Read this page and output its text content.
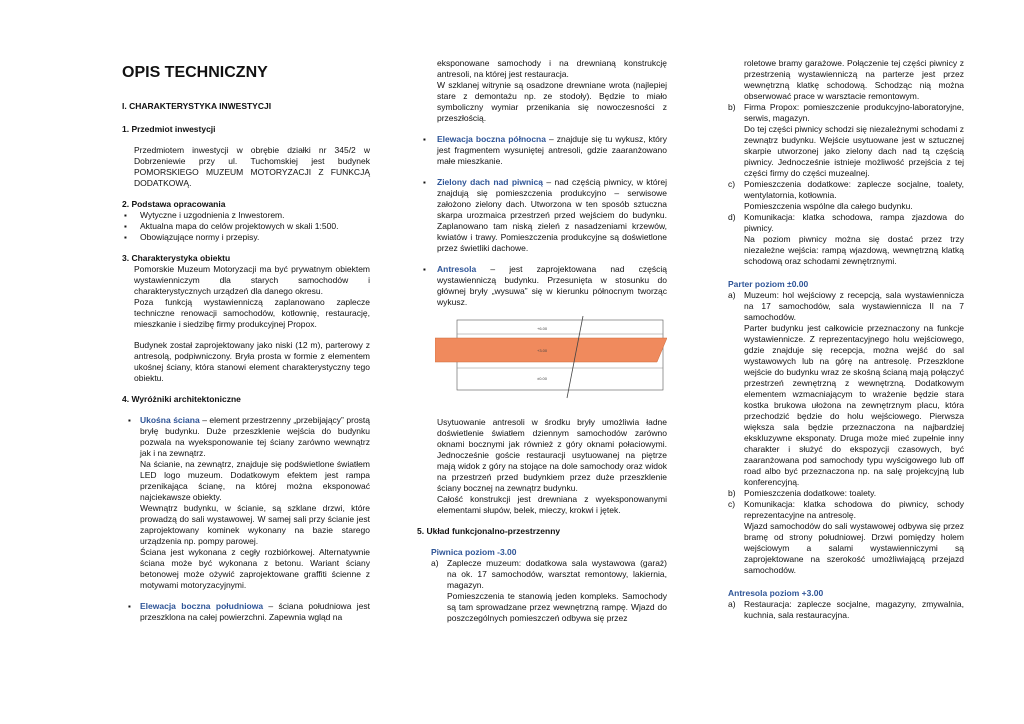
OPIS TECHNICZNY
I. CHARAKTERYSTYKA INWESTYCJI
1. Przedmiot inwestycji
Przedmiotem inwestycji w obrębie działki nr 345/2 w Dobrzeniewie przy ul. Tuchomskiej jest budynek POMORSKIEGO MUZEUM MOTORYZACJI Z FUNKCJĄ DODATKOWĄ.
2. Podstawa opracowania
▪ Wytyczne i uzgodnienia z Inwestorem.
▪ Aktualna mapa do celów projektowych w skali 1:500.
▪ Obowiązujące normy i przepisy.
3. Charakterystyka obiektu
Pomorskie Muzeum Motoryzacji ma być prywatnym obiektem wystawienniczym dla starych samochodów i charakterystycznych urządzeń dla danego okresu.
Poza funkcją wystawienniczą zaplanowano zaplecze techniczne renowacji samochodów, kotłownię, restaurację, mieszkanie i siedzibę firmy produkcyjnej Propox.
Budynek został zaprojektowany jako niski (12 m), parterowy z antresolą, podpiwniczony. Bryła prosta w formie z elementem ukośnej ściany, która stanowi element charakterystyczny tego obiektu.
4. Wyróżniki architektoniczne
▪ Ukośna ściana – element przestrzenny „przebijający” prostą bryłę budynku. Duże przeszklenie wejścia do budynku pozwala na wyeksponowanie tej ściany zarówno wewnątrz jak i na zewnątrz.
Na ścianie, na zewnątrz, znajduje się podświetlone światłem LED logo muzeum. Dodatkowym efektem jest rampa przenikająca ścianę, na której można eksponować najciekawsze obiekty.
Wewnątrz budynku, w ścianie, są szklane drzwi, które prowadzą do sali wystawowej. W samej sali przy ścianie jest zaprojektowany kominek wykonany na bazie starego urządzenia np. pompy parowej.
Ściana jest wykonana z cegły rozbiórkowej. Alternatywnie ściana może być wykonana z betonu. Wariant ściany betonowej może ożywić zaprojektowane graffiti ścienne z motywami motoryzacyjnymi.
▪ Elewacja boczna południowa – ściana południowa jest przeszklona na całej powierzchni. Zapewnia wgląd na
eksponowane samochody i na drewnianą konstrukcję antresoli, na której jest restauracja.
W szklanej witrynie są osadzone drewniane wrota (najlepiej stare z demontażu np. ze stodoły). Będzie to miało symboliczny wymiar przenikania się nowoczesności z przeszłością.
▪ Elewacja boczna północna – znajduje się tu wykusz, który jest fragmentem wysuniętej antresoli, gdzie zaaranżowano małe mieszkanie.
▪ Zielony dach nad piwnicą – nad częścią piwnicy, w której znajdują się pomieszczenia produkcyjno – serwisowe założono zielony dach. Utworzona w ten sposób sztuczna skarpa urozmaica przestrzeń przed wejściem do budynku. Zaplanowano tam niską zieleń z nasadzeniami krzewów, kwiatów i trawy. Pomieszczenia produkcyjne są doświetlone przez świetliki dachowe.
▪ Antresola – jest zaprojektowana nad częścią wystawienniczą budynku. Przesunięta w stosunku do głównej bryły „wysuwa” się w kierunku północnym tworząc wykusz.
+6.00
+3.00
±0.00
Usytuowanie antresoli w środku bryły umożliwia ładne doświetlenie światłem dziennym samochodów zarówno oknami bocznymi jak również z góry oknami połaciowymi. Jednocześnie goście restauracji usytuowanej na piętrze mają widok z góry na stojące na dole samochody oraz widok na przestrzeń przed budynkiem przez duże przeszklenie ściany bocznej na zewnątrz budynku.
Całość konstrukcji jest drewniana z wyeksponowanymi elementami słupów, belek, mieczy, krokwi i jętek.
5. Układ funkcjonalno-przestrzenny
Piwnica poziom -3.00
a) Zaplecze muzeum: dodatkowa sala wystawowa (garaż) na ok. 17 samochodów, warsztat remontowy, lakiernia, magazyn.
Pomieszczenia te stanowią jeden kompleks. Samochody są tam sprowadzane przez wewnętrzną rampę. Wjazd do poszczególnych pomieszczeń odbywa się przez
roletowe bramy garażowe. Połączenie tej części piwnicy z przestrzenią wystawienniczą na parterze jest przez wewnętrzną klatkę schodową. Schodząc nią można obserwować prace w warsztacie remontowym.
b) Firma Propox: pomieszczenie produkcyjno-laboratoryjne, serwis, magazyn.
Do tej części piwnicy schodzi się niezależnymi schodami z zewnątrz budynku. Wejście usytuowane jest w sztucznej skarpie utworzonej jako zielony dach nad tą częścią piwnicy. Jednocześnie istnieje możliwość przejścia z tej części firmy do części muzealnej.
c)	Pomieszczenia dodatkowe: zaplecze socjalne, toalety, wentylatornia, kotłownia.
Pomieszczenia wspólne dla całego budynku.
d) Komunikacja: klatka schodowa, rampa zjazdowa do piwnicy.
Na poziom piwnicy można się dostać przez trzy niezależne wejścia: rampą wjazdową, wewnętrzną klatką schodową oraz schodami zewnętrznymi.
Parter poziom ±0.00
a) Muzeum: hol wejściowy z recepcją, sala wystawiennicza na 17 samochodów, sala wystawiennicza II na 7 samochodów.
Parter budynku jest całkowicie przeznaczony na funkcje wystawiennicze. Z reprezentacyjnego holu wejściowego, gdzie znajduje się recepcja, można wejść do sal wystawowych lub na górę na antresolę. Przeszklone wejście do budynku wraz ze skośną ścianą mają połączyć przestrzeń zewnętrzną z wewnętrzną. Dodatkowym elementem wzmacniającym to wrażenie będzie stara kostka brukowa ułożona na zewnętrznym placu, która przechodzić będzie do holu wejściowego. Pierwsza większa sala będzie przeznaczona na najbardziej ekskluzywne eksponaty. Druga może mieć zupełnie inny charakter i służyć do ekspozycji czasowych, być zaaranżowana pod samochody typu wyścigowego lub off road albo być przeznaczona np. na salę projekcyjną lub konferencyjną.
b) Pomieszczenia dodatkowe: toalety.
c)	Komunikacja: klatka schodowa do piwnicy, schody reprezentacyjne na antresolę.
Wjazd samochodów do sali wystawowej odbywa się przez bramę od strony południowej. Drzwi pomiędzy holem wejściowym a salami wystawienniczymi są zaprojektowane na szerokość umożliwiającą przejazd samochodów.
Antresola poziom +3.00
a) Restauracja: zaplecze socjalne, magazyny, zmywalnia, kuchnia, sala restauracyjna.
